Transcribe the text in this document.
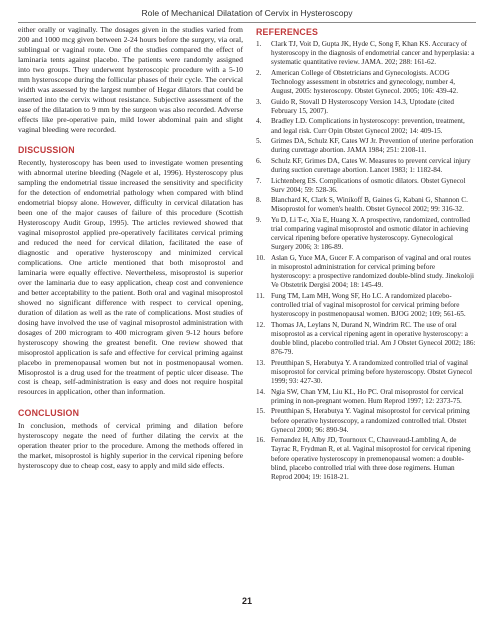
Role of Mechanical Dilatation of Cervix in Hysteroscopy

either orally or vaginally. The dosages given in the studies varied from 200 and 1000 mcg given between 2-24 hours before the surgery, via oral, sublingual or vaginal route. One of the studies compared the effect of laminaria tents against placebo. The patients were randomly assigned into two groups. They underwent hysteroscopic procedure with a 5-10 mm hysteroscope during the follicular phases of their cycle. The cervical width was assessed by the largest number of Hegar dilators that could be inserted into the cervix without resistance. Subjective assessment of the ease of the dilatation to 9 mm by the surgeon was also recorded. Adverse effects like pre-operative pain, mild lower abdominal pain and slight vaginal bleeding were recorded.

DISCUSSION

Recently, hysteroscopy has been used to investigate women presenting with abnormal uterine bleeding (Nagele et al, 1996). Hysteroscopy plus sampling the endometrial tissue increased the sensitivity and specificity for the detection of endometrial pathology when compared with blind endometrial biopsy alone. However, difficulty in cervical dilatation has been one of the major causes of failure of this procedure (Scottish Hysteroscopy Audit Group, 1995). The articles reviewed showed that vaginal misoprostol applied pre-operatively facilitates cervical priming and reduced the need for cervical dilation, facilitated the ease of diagnostic and operative hysteroscopy and minimized cervical complications. One article mentioned that both misoprostol and laminaria were equally effective. Nevertheless, misoprostol is superior over the laminaria due to easy application, cheap cost and convenience and better acceptability to the patient. Both oral and vaginal misoprostol showed no significant difference with respect to cervical opening, duration of dilation as well as the rate of complications. Most studies of dosing have involved the use of vaginal misoprostol administration with dosages of 200 microgram to 400 microgram given 9-12 hours before hysteroscopy showing the greatest benefit. One review showed that misoprostol application is safe and effective for cervical priming against placebo in premenopausal women but not in postmenopausal women. Misoprostol is a drug used for the treatment of peptic ulcer disease. The cost is cheap, self-administration is easy and does not require hospital resources in application, other than information.

CONCLUSION

In conclusion, methods of cervical priming and dilation before hysteroscopy negate the need of further dilating the cervix at the operation theater prior to the procedure. Among the methods offered in the market, misoprostol is highly superior in the cervical ripening before hysteroscopy due to cheap cost, easy to apply and mild side effects.

REFERENCES
1. Clark TJ, Voit D, Gupta JK, Hyde C, Song F, Khan KS. Accuracy of hysteroscopy in the diagnosis of endometrial cancer and hyperplasia: a systematic quantitative review. JAMA. 202; 288: 161-62.
2. American College of Obstetricians and Gynecologists. ACOG Technology assessment in obstetrics and gynecology, number 4, August, 2005: hysteroscopy. Obstet Gynecol. 2005; 106: 439-42.
3. Guido R, Stovall D Hysteroscopy Version 14.3, Uptodate (cited February 15, 2007).
4. Bradley LD. Complications in hysteroscopy: prevention, treatment, and legal risk. Curr Opin Obstet Gynecol 2002; 14: 409-15.
5. Grimes DA, Schulz KF, Cates WJ Jr. Prevention of uterine perforation during curettage abortion. JAMA 1984; 251: 2108-11.
6. Schulz KF, Grimes DA, Cates W. Measures to prevent cervical injury during suction curettage abortion. Lancet 1983; 1: 1182-84.
7. Lichtenberg ES. Complications of osmotic dilators. Obstet Gynecol Surv 2004; 59: 528-36.
8. Blanchard K, Clark S, Winikoff B, Gaines G, Kabani G, Shannon C. Misoprostol for women's health. Obstet Gynecol 2002; 99: 316-32.
9. Yu D, Li T-c, Xia E, Huang X. A prospective, randomized, controlled trial comparing vaginal misoprostol and osmotic dilator in achieving cervical ripening before operative hysteroscopy. Gynecological Surgery 2006; 3: 186-89.
10. Aslan G, Yuce MA, Gucer F. A comparison of vaginal and oral routes in misoprostol administration for cervical priming before hysteroscopy: a prospective randomized double-blind study. Jinekoloji Ve Obstetrik Dergisi 2004; 18: 145-49.
11. Fung TM, Lam MH, Wong SF, Ho LC. A randomized placebo-controlled trial of vaginal misoprostol for cervical priming before hysteroscopy in postmenopausal women. BJOG 2002; 109; 561-65.
12. Thomas JA, Leylans N, Durand N, Windrim RC. The use of oral misoprostol as a cervical ripening agent in operative hysteroscopy: a double blind, placebo controlled trial. Am J Obstet Gynecol 2002; 186: 876-79.
13. Preutthipan S, Herabutya Y. A randomized controlled trial of vaginal misoprostol for cervical priming before hysteroscopy. Obstet Gynecol 1999; 93: 427-30.
14. Ngia SW, Chan YM, Liu KL, Ho PC. Oral misoprostol for cervical priming in non-pregnant women. Hum Reprod 1997; 12: 2373-75.
15. Preutthipan S, Herabutya Y. Vaginal misoprostol for cervical priming before operative hysteroscopy, a randomized controlled trial. Obstet Gynecol 2000; 96: 890-94.
16. Fernandez H, Alby JD, Tournoux C, Chauveaud-Lambling A, de Tayrac R, Frydman R, et al. Vaginal misoprostol for cervical ripening before operative hysteroscopy in premenopausal women: a double-blind, placebo controlled trial with three dose regimens. Human Reprod 2004; 19: 1618-21.
21
